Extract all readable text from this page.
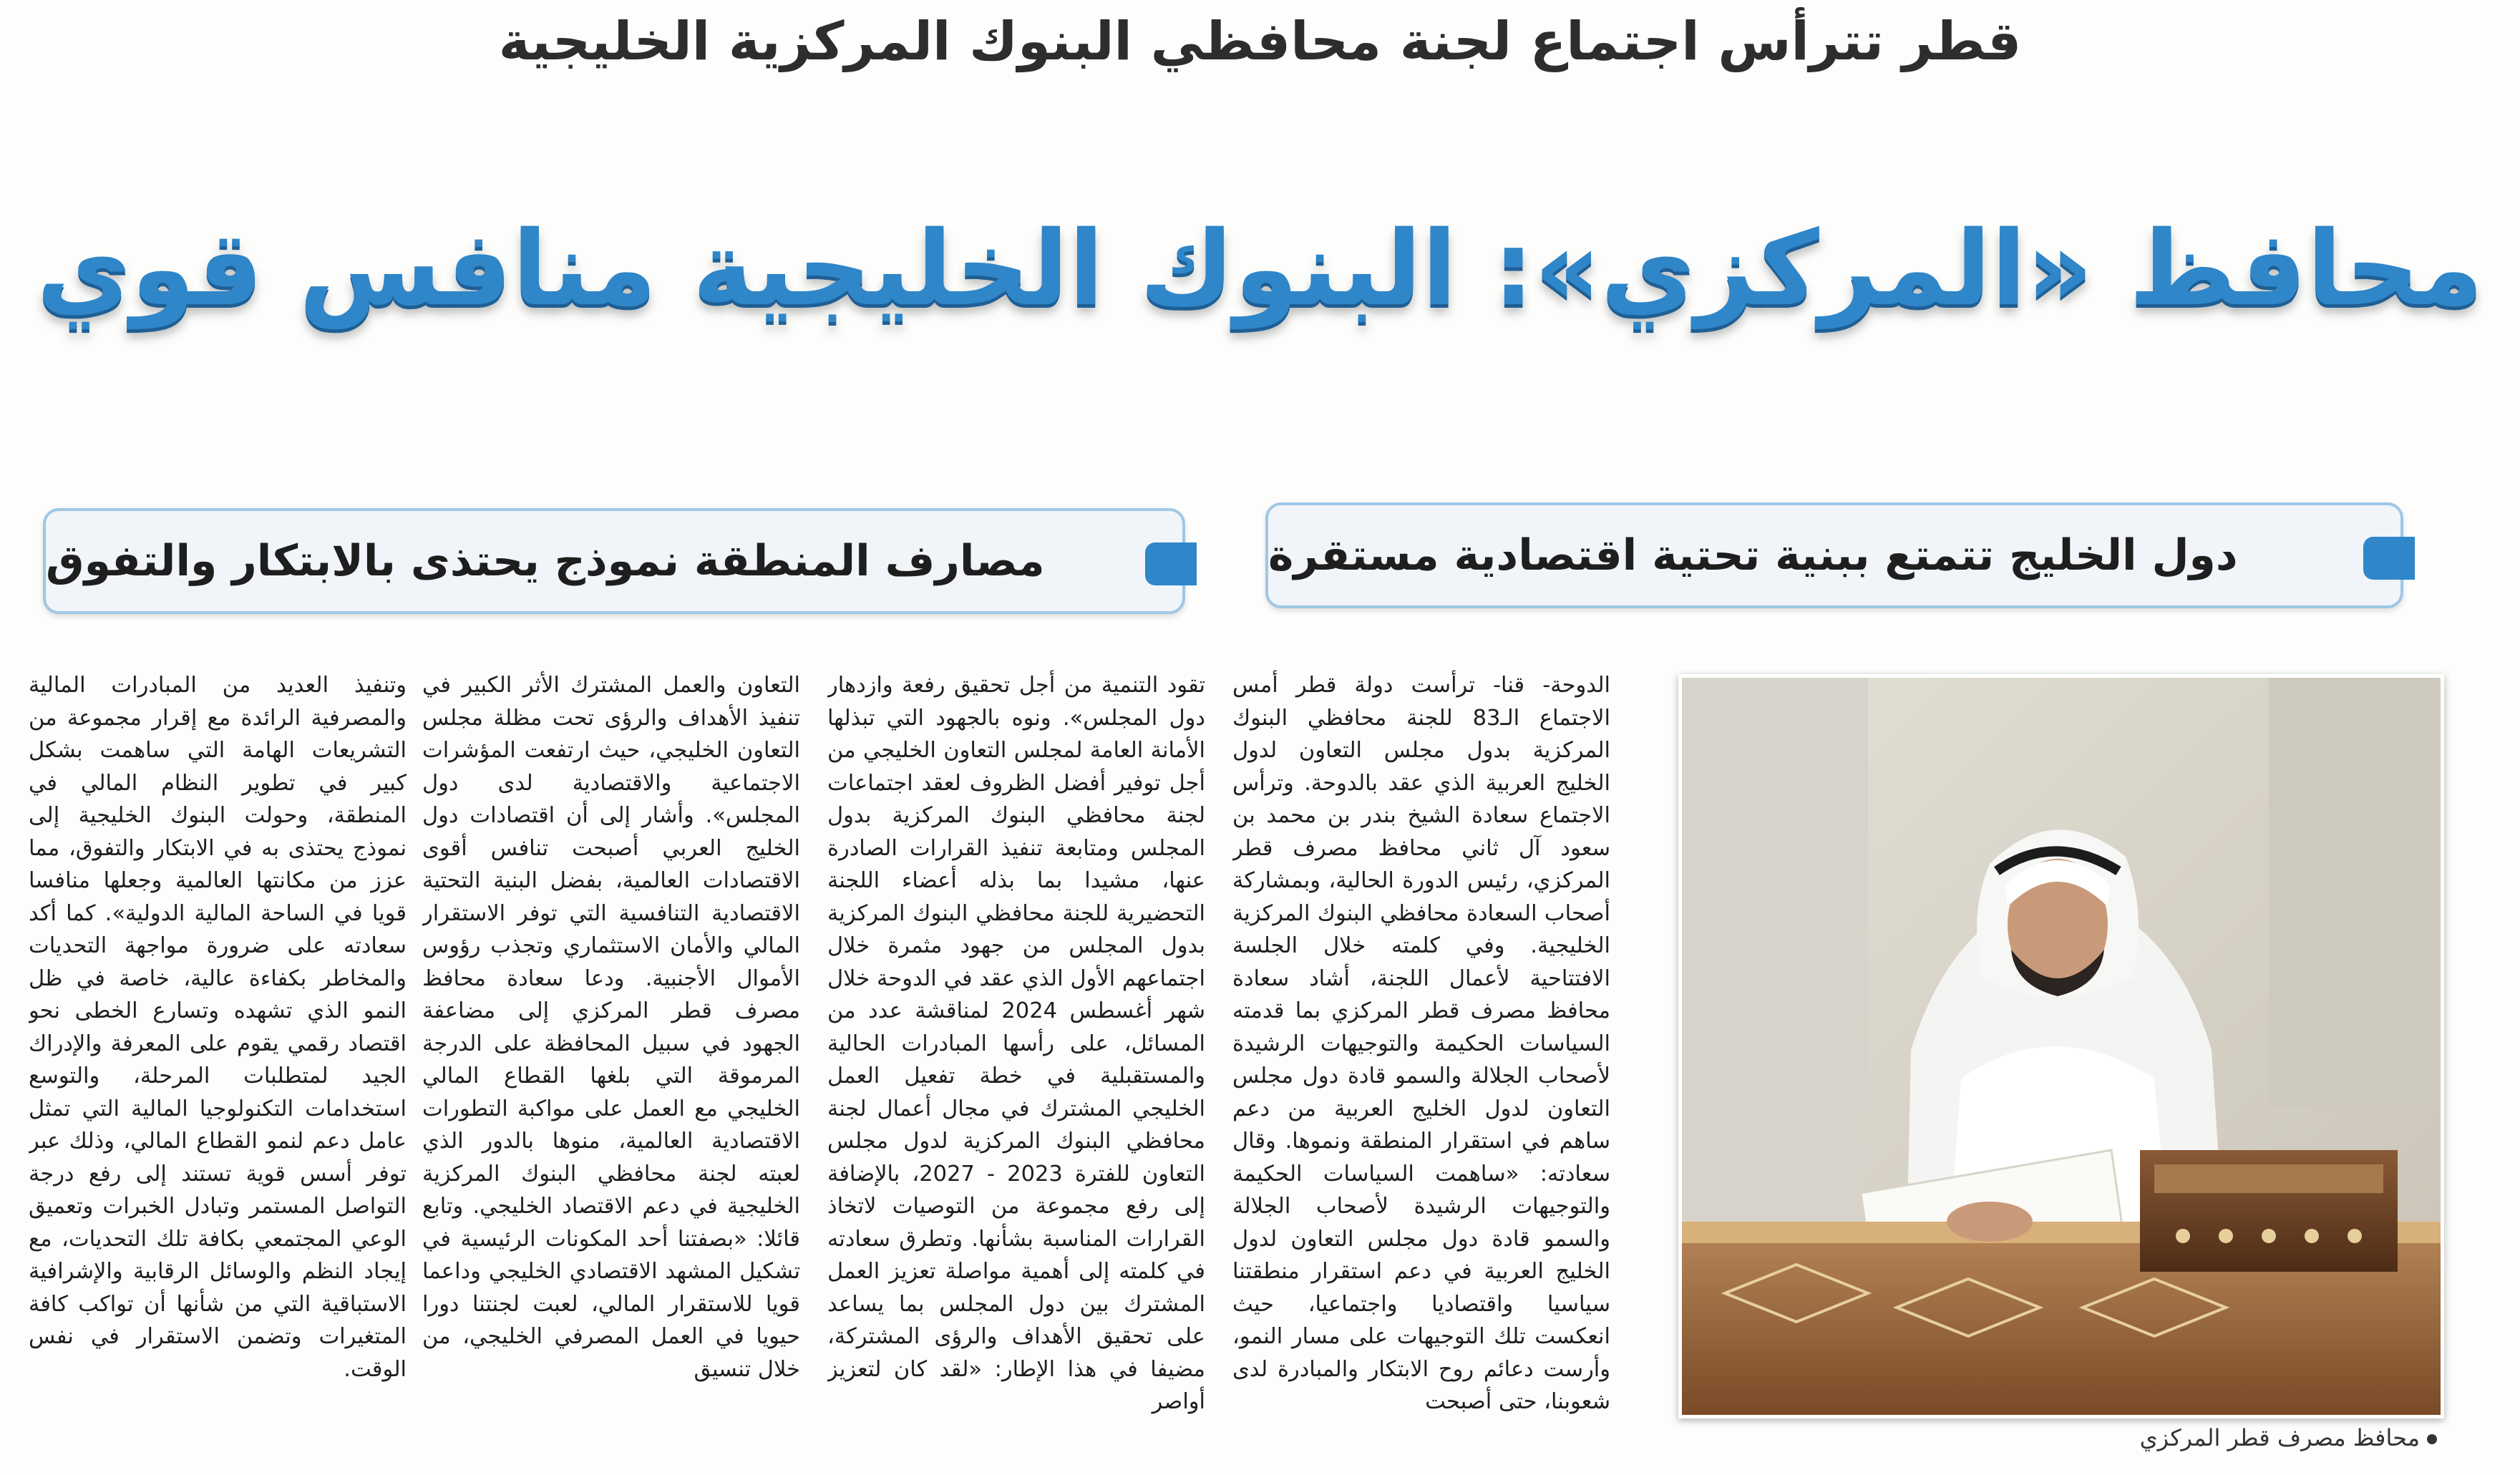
قطر تترأس اجتماع لجنة محافظي البنوك المركزية الخليجية
محافظ «المركزي»: البنوك الخليجية منافس قوي
دول الخليج تتمتع ببنية تحتية اقتصادية مستقرة
مصارف المنطقة نموذج يحتذى بالابتكار والتفوق
محافظ مصرف قطر المركزي

الدوحة- قنا- ترأست دولة قطر أمس الاجتماع الـ83 للجنة محافظي البنوك المركزية بدول مجلس التعاون لدول الخليج العربية الذي عقد بالدوحة. وترأس الاجتماع سعادة الشيخ بندر بن محمد بن سعود آل ثاني محافظ مصرف قطر المركزي، رئيس الدورة الحالية، وبمشاركة أصحاب السعادة محافظي البنوك المركزية الخليجية. وفي كلمته خلال الجلسة الافتتاحية لأعمال اللجنة، أشاد سعادة محافظ مصرف قطر المركزي بما قدمته السياسات الحكيمة والتوجيهات الرشيدة لأصحاب الجلالة والسمو قادة دول مجلس التعاون لدول الخليج العربية من دعم ساهم في استقرار المنطقة ونموها. وقال سعادته: «ساهمت السياسات الحكيمة والتوجيهات الرشيدة لأصحاب الجلالة والسمو قادة دول مجلس التعاون لدول الخليج العربية في دعم استقرار منطقتنا سياسيا واقتصاديا واجتماعيا، حيث انعكست تلك التوجيهات على مسار النمو، وأرست دعائم روح الابتكار والمبادرة لدى شعوبنا، حتى أصبحت

تقود التنمية من أجل تحقيق رفعة وازدهار دول المجلس». ونوه بالجهود التي تبذلها الأمانة العامة لمجلس التعاون الخليجي من أجل توفير أفضل الظروف لعقد اجتماعات لجنة محافظي البنوك المركزية بدول المجلس ومتابعة تنفيذ القرارات الصادرة عنها، مشيدا بما بذله أعضاء اللجنة التحضيرية للجنة محافظي البنوك المركزية بدول المجلس من جهود مثمرة خلال اجتماعهم الأول الذي عقد في الدوحة خلال شهر أغسطس 2024 لمناقشة عدد من المسائل، على رأسها المبادرات الحالية والمستقبلية في خطة تفعيل العمل الخليجي المشترك في مجال أعمال لجنة محافظي البنوك المركزية لدول مجلس التعاون للفترة 2023 - 2027، بالإضافة إلى رفع مجموعة من التوصيات لاتخاذ القرارات المناسبة بشأنها. وتطرق سعادته في كلمته إلى أهمية مواصلة تعزيز العمل المشترك بين دول المجلس بما يساعد على تحقيق الأهداف والرؤى المشتركة، مضيفا في هذا الإطار: «لقد كان لتعزيز أواصر

التعاون والعمل المشترك الأثر الكبير في تنفيذ الأهداف والرؤى تحت مظلة مجلس التعاون الخليجي، حيث ارتفعت المؤشرات الاجتماعية والاقتصادية لدى دول المجلس». وأشار إلى أن اقتصادات دول الخليج العربي أصبحت تنافس أقوى الاقتصادات العالمية، بفضل البنية التحتية الاقتصادية التنافسية التي توفر الاستقرار المالي والأمان الاستثماري وتجذب رؤوس الأموال الأجنبية. ودعا سعادة محافظ مصرف قطر المركزي إلى مضاعفة الجهود في سبيل المحافظة على الدرجة المرموقة التي بلغها القطاع المالي الخليجي مع العمل على مواكبة التطورات الاقتصادية العالمية، منوها بالدور الذي لعبته لجنة محافظي البنوك المركزية الخليجية في دعم الاقتصاد الخليجي. وتابع قائلا: «بصفتنا أحد المكونات الرئيسية في تشكيل المشهد الاقتصادي الخليجي وداعما قويا للاستقرار المالي، لعبت لجنتنا دورا حيويا في العمل المصرفي الخليجي، من خلال تنسيق

وتنفيذ العديد من المبادرات المالية والمصرفية الرائدة مع إقرار مجموعة من التشريعات الهامة التي ساهمت بشكل كبير في تطوير النظام المالي في المنطقة، وحولت البنوك الخليجية إلى نموذج يحتذى به في الابتكار والتفوق، مما عزز من مكانتها العالمية وجعلها منافسا قويا في الساحة المالية الدولية». كما أكد سعادته على ضرورة مواجهة التحديات والمخاطر بكفاءة عالية، خاصة في ظل النمو الذي تشهده وتسارع الخطى نحو اقتصاد رقمي يقوم على المعرفة والإدراك الجيد لمتطلبات المرحلة، والتوسع استخدامات التكنولوجيا المالية التي تمثل عامل دعم لنمو القطاع المالي، وذلك عبر توفر أسس قوية تستند إلى رفع درجة التواصل المستمر وتبادل الخبرات وتعميق الوعي المجتمعي بكافة تلك التحديات، مع إيجاد النظم والوسائل الرقابية والإشرافية الاستباقية التي من شأنها أن تواكب كافة المتغيرات وتضمن الاستقرار في نفس الوقت.
